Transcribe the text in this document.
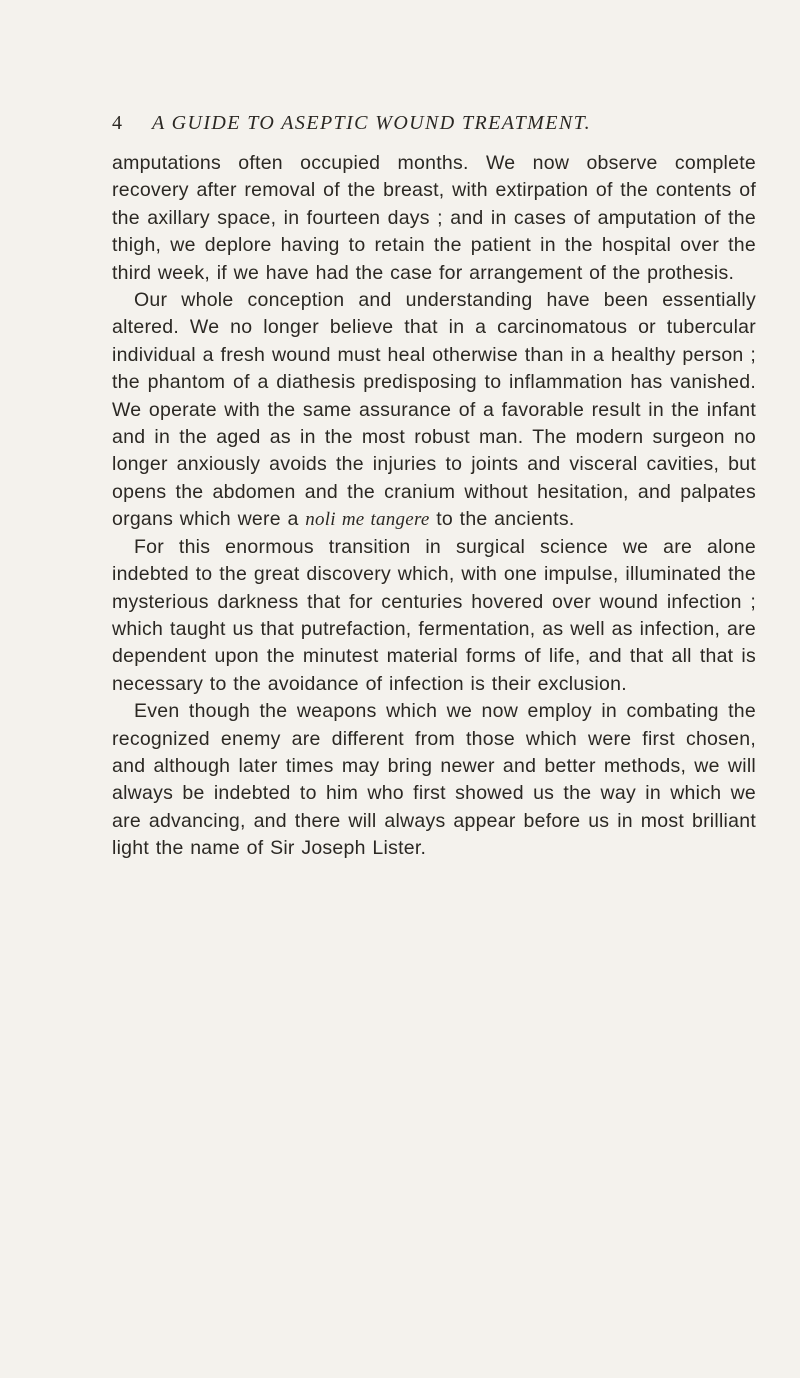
4 A GUIDE TO ASEPTIC WOUND TREATMENT.

amputations often occupied months. We now observe complete recovery after removal of the breast, with extirpation of the contents of the axillary space, in fourteen days ; and in cases of amputation of the thigh, we deplore having to retain the patient in the hospital over the third week, if we have had the case for arrangement of the prothesis.

Our whole conception and understanding have been essentially altered. We no longer believe that in a carcinomatous or tubercular individual a fresh wound must heal otherwise than in a healthy person ; the phantom of a diathesis predisposing to inflammation has vanished. We operate with the same assurance of a favorable result in the infant and in the aged as in the most robust man. The modern surgeon no longer anxiously avoids the injuries to joints and visceral cavities, but opens the abdomen and the cranium without hesitation, and palpates organs which were a noli me tangere to the ancients.

For this enormous transition in surgical science we are alone indebted to the great discovery which, with one impulse, illuminated the mysterious darkness that for centuries hovered over wound infection ; which taught us that putrefaction, fermentation, as well as infection, are dependent upon the minutest material forms of life, and that all that is necessary to the avoidance of infection is their exclusion.

Even though the weapons which we now employ in combating the recognized enemy are different from those which were first chosen, and although later times may bring newer and better methods, we will always be indebted to him who first showed us the way in which we are advancing, and there will always appear before us in most brilliant light the name of Sir Joseph Lister.
